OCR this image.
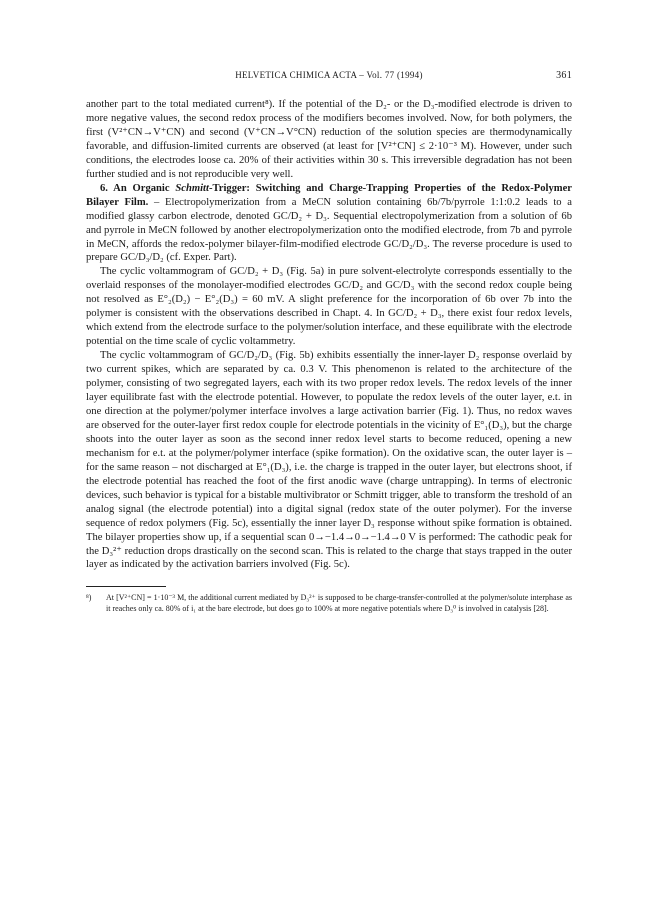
HELVETICA CHIMICA ACTA – Vol. 77 (1994)	361

another part to the total mediated current⁸). If the potential of the D₂- or the D₃-modified electrode is driven to more negative values, the second redox process of the modifiers becomes involved. Now, for both polymers, the first (V²⁺CN→V⁺CN) and second (V⁺CN→V°CN) reduction of the solution species are thermodynamically favorable, and diffusion-limited currents are observed (at least for [V²⁺CN] ≤ 2·10⁻³ M). However, under such conditions, the electrodes loose ca. 20% of their activities within 30 s. This irreversible degradation has not been further studied and is not reproducible very well.

6. An Organic Schmitt-Trigger: Switching and Charge-Trapping Properties of the Redox-Polymer Bilayer Film. – Electropolymerization from a MeCN solution containing 6b/7b/pyrrole 1:1:0.2 leads to a modified glassy carbon electrode, denoted GC/D₂ + D₃. Sequential electropolymerization from a solution of 6b and pyrrole in MeCN followed by another electropolymerization onto the modified electrode, from 7b and pyrrole in MeCN, affords the redox-polymer bilayer-film-modified electrode GC/D₂/D₃. The reverse procedure is used to prepare GC/D₃/D₂ (cf. Exper. Part).

The cyclic voltammogram of GC/D₂ + D₃ (Fig. 5a) in pure solvent-electrolyte corresponds essentially to the overlaid responses of the monolayer-modified electrodes GC/D₂ and GC/D₃ with the second redox couple being not resolved as E°₂(D₂) − E°₂(D₃) = 60 mV. A slight preference for the incorporation of 6b over 7b into the polymer is consistent with the observations described in Chapt. 4. In GC/D₂ + D₃, there exist four redox levels, which extend from the electrode surface to the polymer/solution interface, and these equilibrate with the electrode potential on the time scale of cyclic voltammetry.

The cyclic voltammogram of GC/D₂/D₃ (Fig. 5b) exhibits essentially the inner-layer D₂ response overlaid by two current spikes, which are separated by ca. 0.3 V. This phenomenon is related to the architecture of the polymer, consisting of two segregated layers, each with its two proper redox levels. The redox levels of the inner layer equilibrate fast with the electrode potential. However, to populate the redox levels of the outer layer, e.t. in one direction at the polymer/polymer interface involves a large activation barrier (Fig. 1). Thus, no redox waves are observed for the outer-layer first redox couple for electrode potentials in the vicinity of E°₁(D₃), but the charge shoots into the outer layer as soon as the second inner redox level starts to become reduced, opening a new mechanism for e.t. at the polymer/polymer interface (spike formation). On the oxidative scan, the outer layer is – for the same reason – not discharged at E°₁(D₃), i.e. the charge is trapped in the outer layer, but electrons shoot, if the electrode potential has reached the foot of the first anodic wave (charge untrapping). In terms of electronic devices, such behavior is typical for a bistable multivibrator or Schmitt trigger, able to transform the treshold of an analog signal (the electrode potential) into a digital signal (redox state of the outer polymer). For the inverse sequence of redox polymers (Fig. 5c), essentially the inner layer D₃ response without spike formation is obtained. The bilayer properties show up, if a sequential scan 0→−1.4→0→−1.4→0 V is performed: The cathodic peak for the D₃²⁺ reduction drops drastically on the second scan. This is related to the charge that stays trapped in the outer layer as indicated by the activation barriers involved (Fig. 5c).

⁸) At [V²⁺CN] = 1·10⁻³ M, the additional current mediated by D₃²⁺ is supposed to be charge-transfer-controlled at the polymer/solute interphase as it reaches only ca. 80% of i₁ at the bare electrode, but does go to 100% at more negative potentials where D₃⁰ is involved in catalysis [28].
